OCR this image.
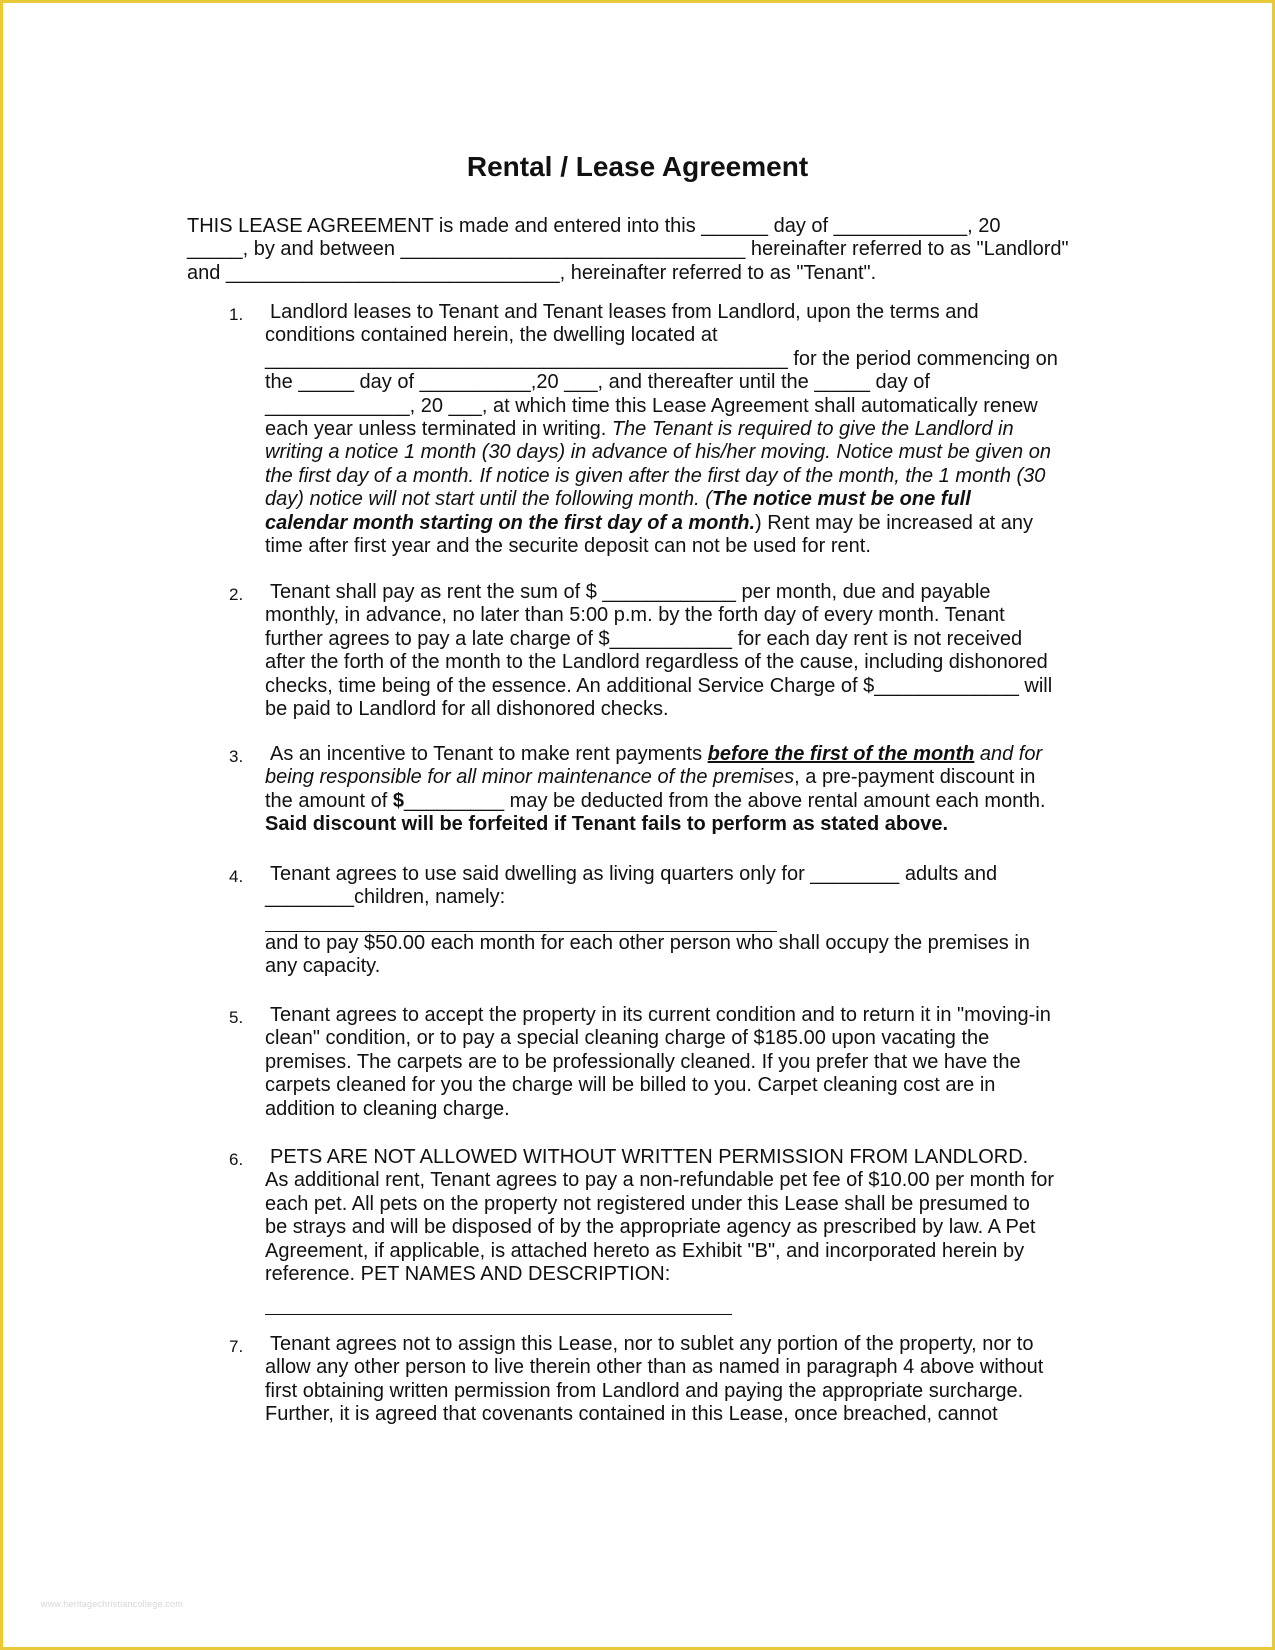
Rental / Lease Agreement
THIS LEASE AGREEMENT is made and entered into this ______ day of ____________, 20
_____, by and between _______________________________ hereinafter referred to as "Landlord"
and ______________________________, hereinafter referred to as "Tenant".
1. Landlord leases to Tenant and Tenant leases from Landlord, upon the terms and
conditions contained herein, the dwelling located at
_______________________________________________ for the period commencing on
the _____ day of __________,20 ___, and thereafter until the _____ day of
_____________, 20 ___, at which time this Lease Agreement shall automatically renew
each year unless terminated in writing. The Tenant is required to give the Landlord in
writing a notice 1 month (30 days) in advance of his/her moving. Notice must be given on
the first day of a month. If notice is given after the first day of the month, the 1 month (30
day) notice will not start until the following month. (The notice must be one full
calendar month starting on the first day of a month.) Rent may be increased at any
time after first year and the securite deposit can not be used for rent.
2. Tenant shall pay as rent the sum of $ ____________ per month, due and payable
monthly, in advance, no later than 5:00 p.m. by the forth day of every month. Tenant
further agrees to pay a late charge of $___________ for each day rent is not received
after the forth of the month to the Landlord regardless of the cause, including dishonored
checks, time being of the essence. An additional Service Charge of $_____________ will
be paid to Landlord for all dishonored checks.
3. As an incentive to Tenant to make rent payments before the first of the month and for
being responsible for all minor maintenance of the premises, a pre-payment discount in
the amount of $_________ may be deducted from the above rental amount each month.
Said discount will be forfeited if Tenant fails to perform as stated above.
4. Tenant agrees to use said dwelling as living quarters only for ________ adults and
________children, namely:
and to pay $50.00 each month for each other person who shall occupy the premises in
any capacity.
5. Tenant agrees to accept the property in its current condition and to return it in "moving-in
clean" condition, or to pay a special cleaning charge of $185.00 upon vacating the
premises. The carpets are to be professionally cleaned. If you prefer that we have the
carpets cleaned for you the charge will be billed to you. Carpet cleaning cost are in
addition to cleaning charge.
6. PETS ARE NOT ALLOWED WITHOUT WRITTEN PERMISSION FROM LANDLORD.
As additional rent, Tenant agrees to pay a non-refundable pet fee of $10.00 per month for
each pet. All pets on the property not registered under this Lease shall be presumed to
be strays and will be disposed of by the appropriate agency as prescribed by law. A Pet
Agreement, if applicable, is attached hereto as Exhibit "B", and incorporated herein by
reference. PET NAMES AND DESCRIPTION:
7. Tenant agrees not to assign this Lease, nor to sublet any portion of the property, nor to
allow any other person to live therein other than as named in paragraph 4 above without
first obtaining written permission from Landlord and paying the appropriate surcharge.
Further, it is agreed that covenants contained in this Lease, once breached, cannot
www.heritagechristiancollege.com
